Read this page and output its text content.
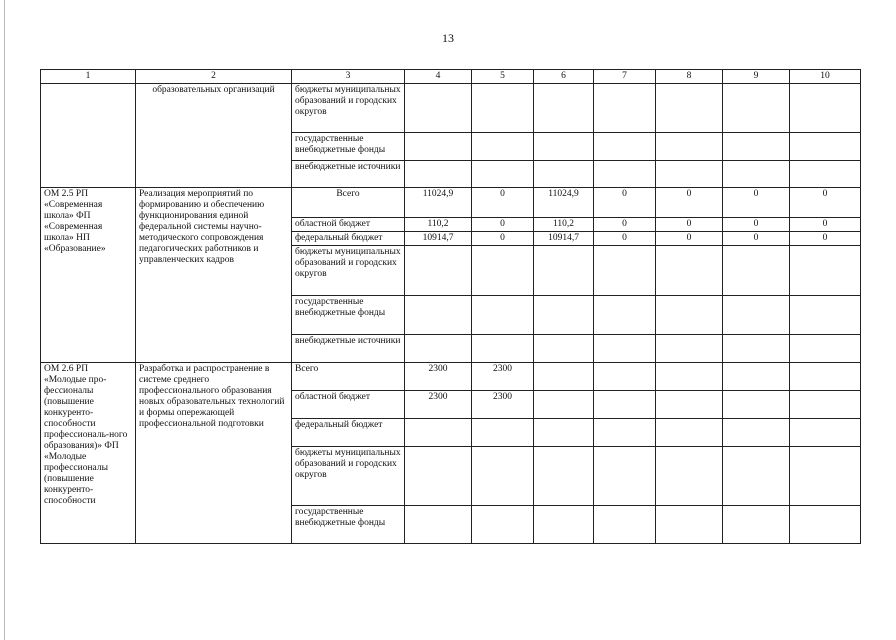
13
1	2	3	4	5	6	7	8	9	10
	образовательных организаций	бюджеты муниципальных образований и городских округов							
		государственные внебюджетные фонды							
		внебюджетные источники							
ОМ 2.5 РП «Современная школа» ФП «Современная школа» НП «Образование»	Реализация мероприятий по формированию и обеспечению функционирования единой федеральной системы научно-методического сопровождения педагогических работников и управленческих кадров	Всего	11024,9	0	11024,9	0	0	0	0
		областной бюджет	110,2	0	110,2	0	0	0	0
		федеральный бюджет	10914,7	0	10914,7	0	0	0	0
		бюджеты муниципальных образований и городских округов							
		государственные внебюджетные фонды							
		внебюджетные источники							
ОМ 2.6 РП «Молодые про-фессионалы (повышение конкуренто-способности профессиональ-ного образования)» ФП «Молодые профессионалы (повышение конкуренто-способности	Разработка и распространение в системе среднего профессионального образования новых образовательных технологий и формы опережающей профессиональной подготовки	Всего	2300	2300					
		областной бюджет	2300	2300					
		федеральный бюджет							
		бюджеты муниципальных образований и городских округов							
		государственные внебюджетные фонды							
